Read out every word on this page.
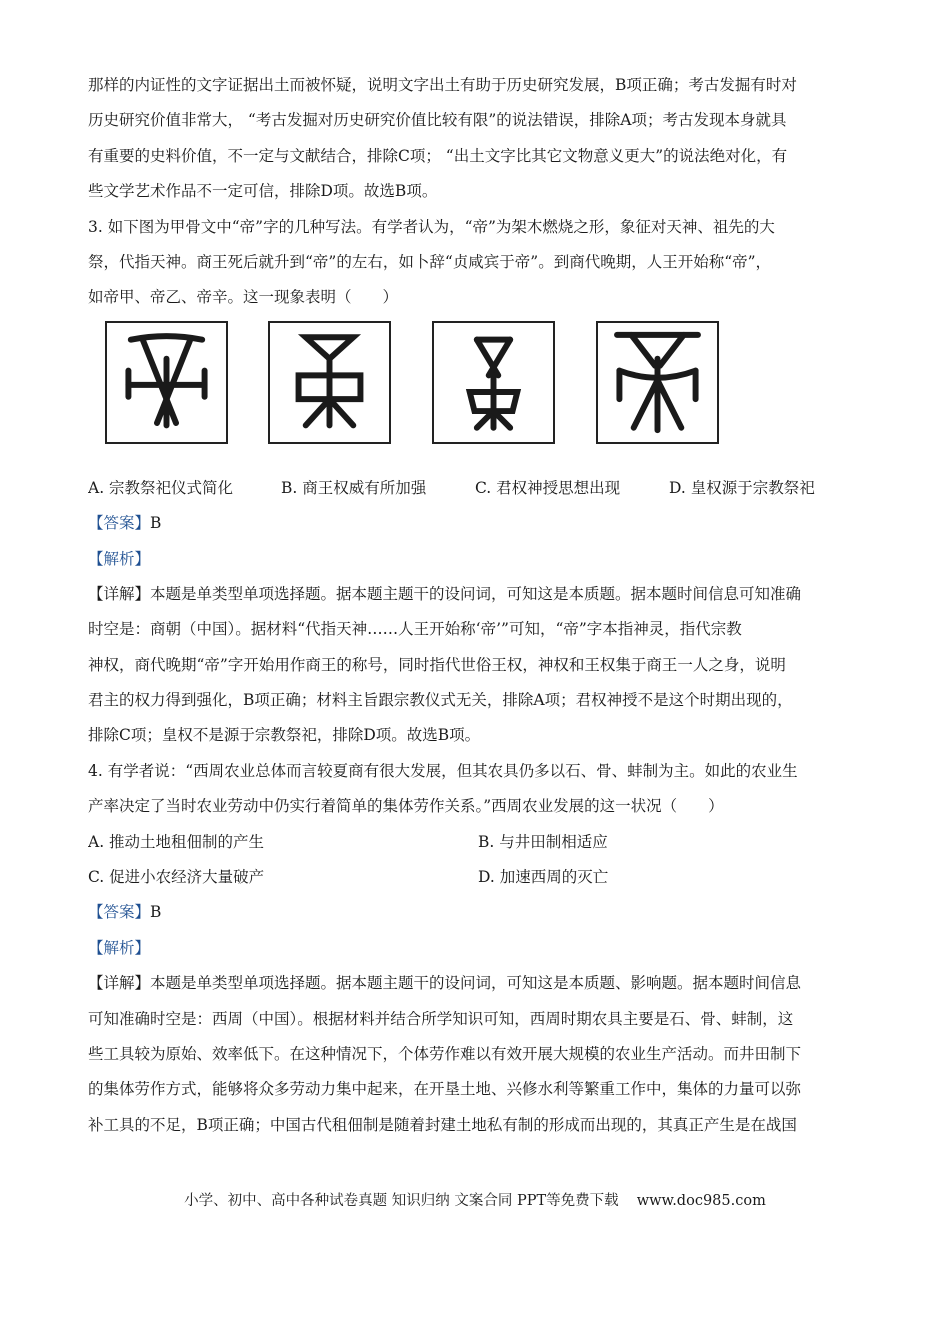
那样的内证性的文字证据出土而被怀疑，说明文字出土有助于历史研究发展，B项正确；考古发掘有时对
历史研究价值非常大， “考古发掘对历史研究价值比较有限”的说法错误，排除A项；考古发现本身就具
有重要的史料价值，不一定与文献结合，排除C项； “出土文字比其它文物意义更大”的说法绝对化，有
些文学艺术作品不一定可信，排除D项。故选B项。
3. 如下图为甲骨文中“帝”字的几种写法。有学者认为，“帝”为架木燃烧之形，象征对天神、祖先的大
祭，代指天神。商王死后就升到“帝”的左右，如卜辞“贞咸宾于帝”。到商代晚期，人王开始称“帝”，
如帝甲、帝乙、帝辛。这一现象表明（　　）
A. 宗教祭祀仪式简化	B. 商王权威有所加强	C. 君权神授思想出现	D. 皇权源于宗教祭祀
【答案】B
【解析】
【详解】本题是单类型单项选择题。据本题主题干的设问词，可知这是本质题。据本题时间信息可知准确
时空是：商朝（中国）。据材料“代指天神……人王开始称‘帝’”可知，“帝”字本指神灵，指代宗教
神权，商代晚期“帝”字开始用作商王的称号，同时指代世俗王权，神权和王权集于商王一人之身，说明
君主的权力得到强化，B项正确；材料主旨跟宗教仪式无关，排除A项；君权神授不是这个时期出现的，
排除C项；皇权不是源于宗教祭祀，排除D项。故选B项。
4. 有学者说：“西周农业总体而言较夏商有很大发展，但其农具仍多以石、骨、蚌制为主。如此的农业生
产率决定了当时农业劳动中仍实行着简单的集体劳作关系。”西周农业发展的这一状况（　　）
A. 推动土地租佃制的产生	B. 与井田制相适应
C. 促进小农经济大量破产	D. 加速西周的灭亡
【答案】B
【解析】
【详解】本题是单类型单项选择题。据本题主题干的设问词，可知这是本质题、影响题。据本题时间信息
可知准确时空是：西周（中国）。根据材料并结合所学知识可知，西周时期农具主要是石、骨、蚌制，这
些工具较为原始、效率低下。在这种情况下，个体劳作难以有效开展大规模的农业生产活动。而井田制下
的集体劳作方式，能够将众多劳动力集中起来，在开垦土地、兴修水利等繁重工作中，集体的力量可以弥
补工具的不足，B项正确；中国古代租佃制是随着封建土地私有制的形成而出现的，其真正产生是在战国
小学、初中、高中各种试卷真题 知识归纳 文案合同 PPT等免费下载 www.doc985.com
